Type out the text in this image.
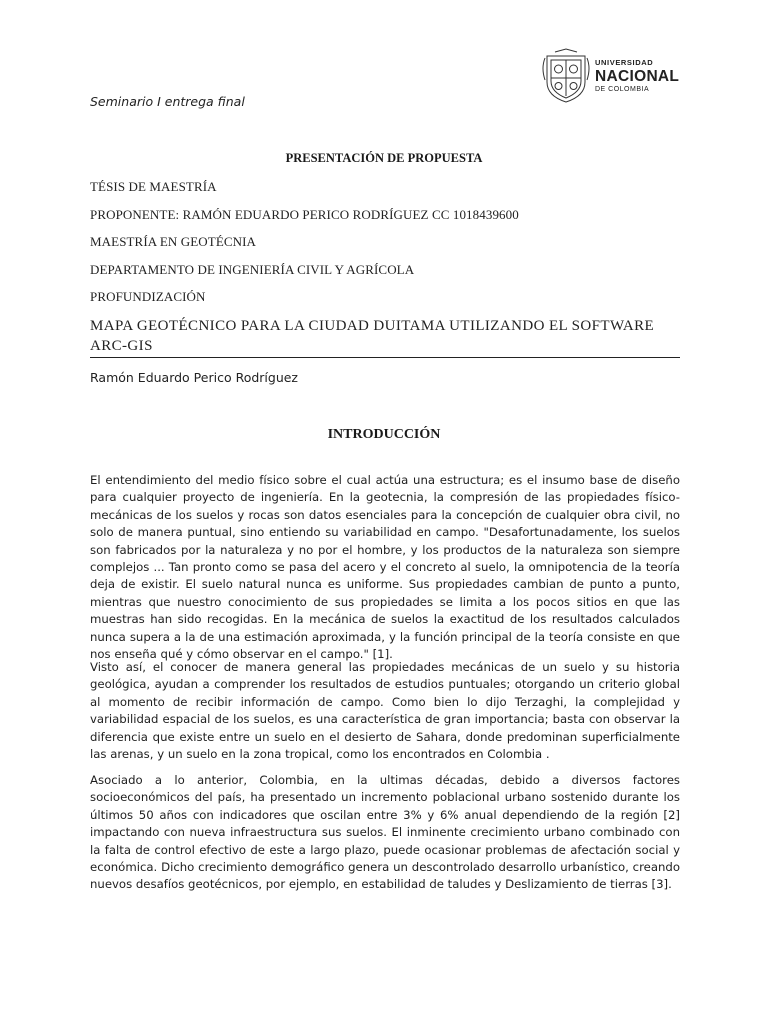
UNIVERSIDAD
NACIONAL
DE COLOMBIA
Seminario I entrega final
PRESENTACIÓN DE PROPUESTA
TÉSIS DE MAESTRÍA
PROPONENTE: RAMÓN EDUARDO PERICO RODRÍGUEZ CC 1018439600
MAESTRÍA EN GEOTÉCNIA
DEPARTAMENTO DE INGENIERÍA CIVIL Y AGRÍCOLA
PROFUNDIZACIÓN
MAPA GEOTÉCNICO PARA LA CIUDAD DUITAMA UTILIZANDO EL SOFTWARE ARC-GIS
Ramón Eduardo Perico Rodríguez
INTRODUCCIÓN

El entendimiento del medio físico sobre el cual actúa una estructura; es el insumo base de diseño para cualquier proyecto de ingeniería. En la geotecnia, la compresión de las propiedades físico-mecánicas de los suelos y rocas son datos esenciales para la concepción de cualquier obra civil, no solo de manera puntual, sino entiendo su variabilidad en campo. "Desafortunadamente, los suelos son fabricados por la naturaleza y no por el hombre, y los productos de la naturaleza son siempre complejos ... Tan pronto como se pasa del acero y el concreto al suelo, la omnipotencia de la teoría deja de existir. El suelo natural nunca es uniforme. Sus propiedades cambian de punto a punto, mientras que nuestro conocimiento de sus propiedades se limita a los pocos sitios en que las muestras han sido recogidas. En la mecánica de suelos la exactitud de los resultados calculados nunca supera a la de una estimación aproximada, y la función principal de la teoría consiste en que nos enseña qué y cómo observar en el campo." [1].

Visto así, el conocer de manera general las propiedades mecánicas de un suelo y su historia geológica, ayudan a comprender los resultados de estudios puntuales; otorgando un criterio global al momento de recibir información de campo. Como bien lo dijo Terzaghi, la complejidad y variabilidad espacial de los suelos, es una característica de gran importancia; basta con observar la diferencia que existe entre un suelo en el desierto de Sahara, donde predominan superficialmente las arenas, y un suelo en la zona tropical, como los encontrados en Colombia .

Asociado a lo anterior, Colombia, en la ultimas décadas, debido a diversos factores socioeconómicos del país, ha presentado un incremento poblacional urbano sostenido durante los últimos 50 años con indicadores que oscilan entre 3% y 6% anual dependiendo de la región [2] impactando con nueva infraestructura sus suelos. El inminente crecimiento urbano combinado con la falta de control efectivo de este a largo plazo, puede ocasionar problemas de afectación social y económica. Dicho crecimiento demográfico genera un descontrolado desarrollo urbanístico, creando nuevos desafíos geotécnicos, por ejemplo, en estabilidad de taludes y Deslizamiento de tierras [3].
